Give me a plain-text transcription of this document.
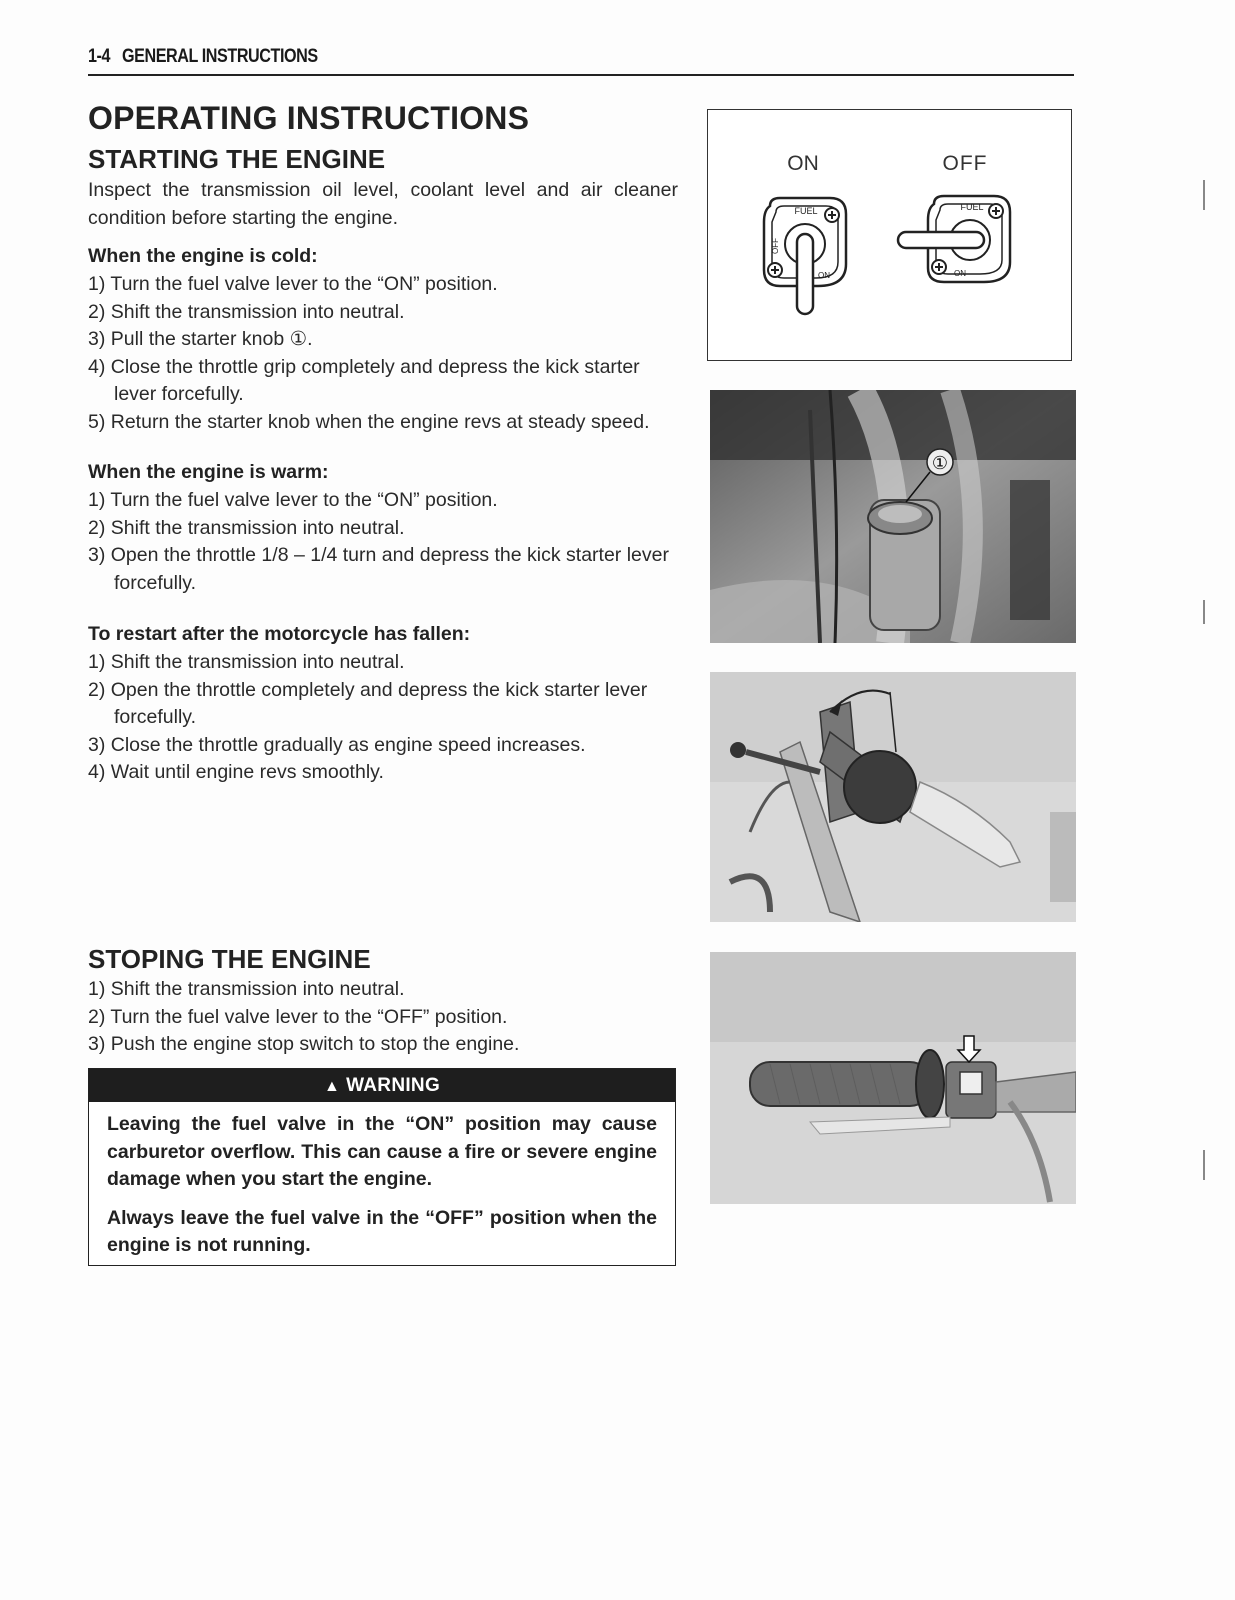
1-4 GENERAL INSTRUCTIONS
OPERATING INSTRUCTIONS
STARTING THE ENGINE

Inspect the transmission oil level, coolant level and air cleaner condition before starting the engine.

When the engine is cold:
1) Turn the fuel valve lever to the “ON” position.
2) Shift the transmission into neutral.
3) Pull the starter knob ①.
4) Close the throttle grip completely and depress the kick starter lever forcefully.
5) Return the starter knob when the engine revs at steady speed.
When the engine is warm:
1) Turn the fuel valve lever to the “ON” position.
2) Shift the transmission into neutral.
3) Open the throttle 1/8 – 1/4 turn and depress the kick starter lever forcefully.
To restart after the motorcycle has fallen:
1) Shift the transmission into neutral.
2) Open the throttle completely and depress the kick starter lever forcefully.
3) Close the throttle gradually as engine speed increases.
4) Wait until engine revs smoothly.
STOPING THE ENGINE
1) Shift the transmission into neutral.
2) Turn the fuel valve lever to the “OFF” position.
3) Push the engine stop switch to stop the engine.
▲ WARNING

Leaving the fuel valve in the “ON” position may cause carburetor overflow. This can cause a fire or severe engine damage when you start the engine.

Always leave the fuel valve in the “OFF” position when the engine is not running.

ON	OFF
FUEL
OFF
ON
FUEL
ON
①
